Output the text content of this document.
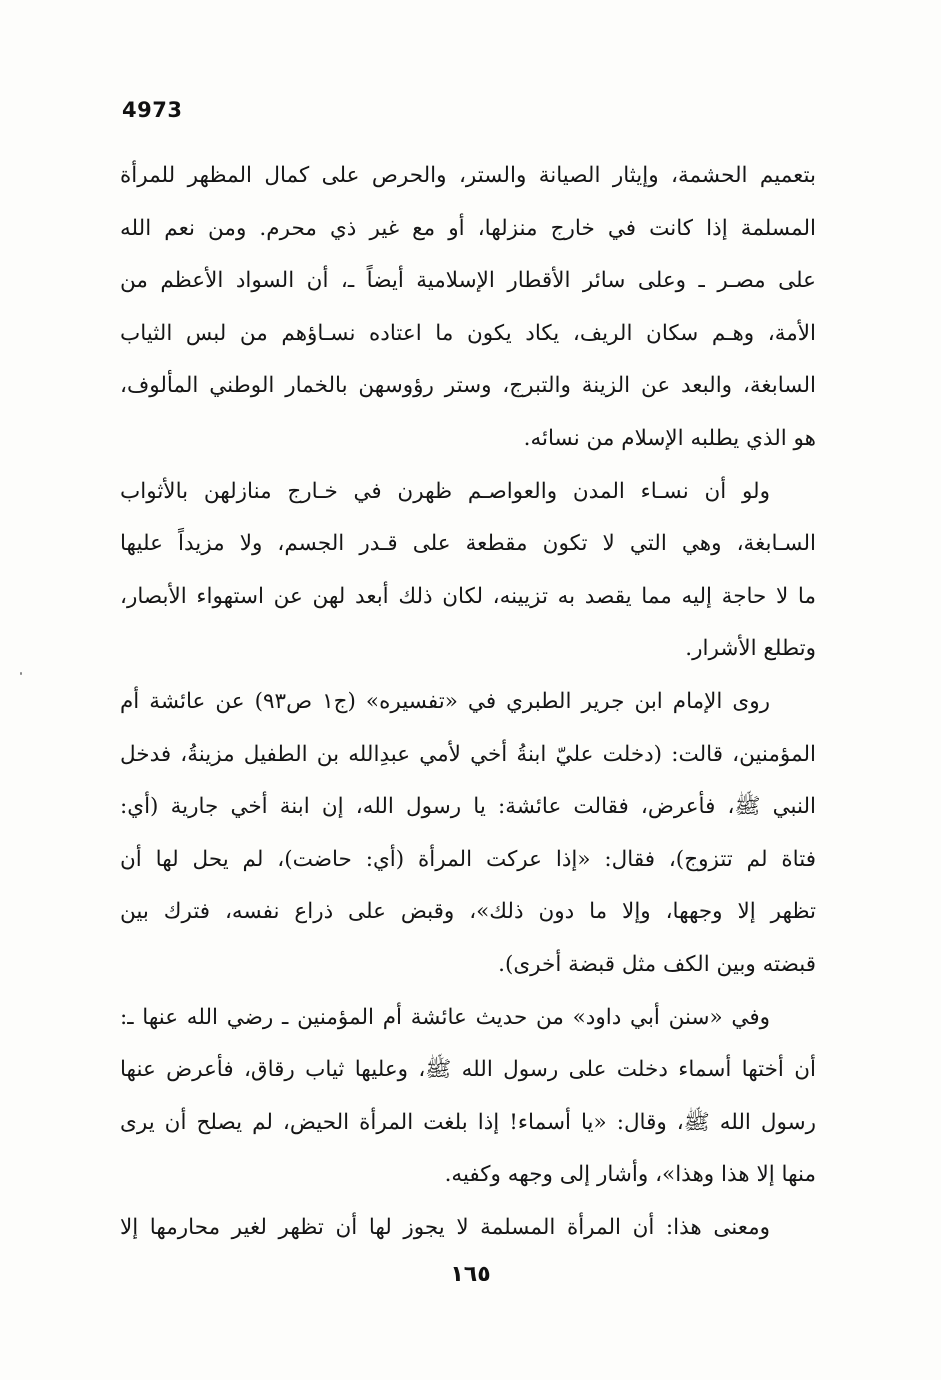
4973
بتعميم الحشمة، وإيثار الصيانة والستر، والحرص على كمال المظهر للمرأة
المسلمة إذا كانت في خارج منزلها، أو مع غير ذي محرم. ومن نعم الله
على مصـر ـ وعلى سائر الأقطار الإسلامية أيضاً ـ، أن السواد الأعظم من
الأمة، وهـم سكان الريف، يكاد يكون ما اعتاده نسـاؤهم من لبس الثياب
السابغة، والبعد عن الزينة والتبرج، وستر رؤوسهن بالخمار الوطني المألوف،
هو الذي يطلبه الإسلام من نسائه.
ولو أن نسـاء المدن والعواصـم ظهرن في خـارج منازلهن بالأثواب
السـابغة، وهي التي لا تكون مقطعة على قـدر الجسم، ولا مزيداً عليها
ما لا حاجة إليه مما يقصد به تزيينه، لكان ذلك أبعد لهن عن استهواء الأبصار،
وتطلع الأشرار.
روى الإمام ابن جرير الطبري في «تفسيره» (ج١ ص٩٣) عن عائشة أم
المؤمنين، قالت: (دخلت عليّ ابنةُ أخي لأمي عبدِالله بن الطفيل مزينةُ، فدخل
النبي ﷺ، فأعرض، فقالت عائشة: يا رسول الله، إن ابنة أخي جارية (أي:
فتاة لم تتزوج)، فقال: «إذا عركت المرأة (أي: حاضت)، لم يحل لها أن
تظهر إلا وجهها، وإلا ما دون ذلك»، وقبض على ذراع نفسه، فترك بين
قبضته وبين الكف مثل قبضة أخرى).
وفي «سنن أبي داود» من حديث عائشة أم المؤمنين ـ رضي الله عنها ـ:
أن أختها أسماء دخلت على رسول الله ﷺ، وعليها ثياب رقاق، فأعرض عنها
رسول الله ﷺ، وقال: «يا أسماء! إذا بلغت المرأة الحيض، لم يصلح أن يرى
منها إلا هذا وهذا»، وأشار إلى وجهه وكفيه.
ومعنى هذا: أن المرأة المسلمة لا يجوز لها أن تظهر لغير محارمها إلا
١٦٥
